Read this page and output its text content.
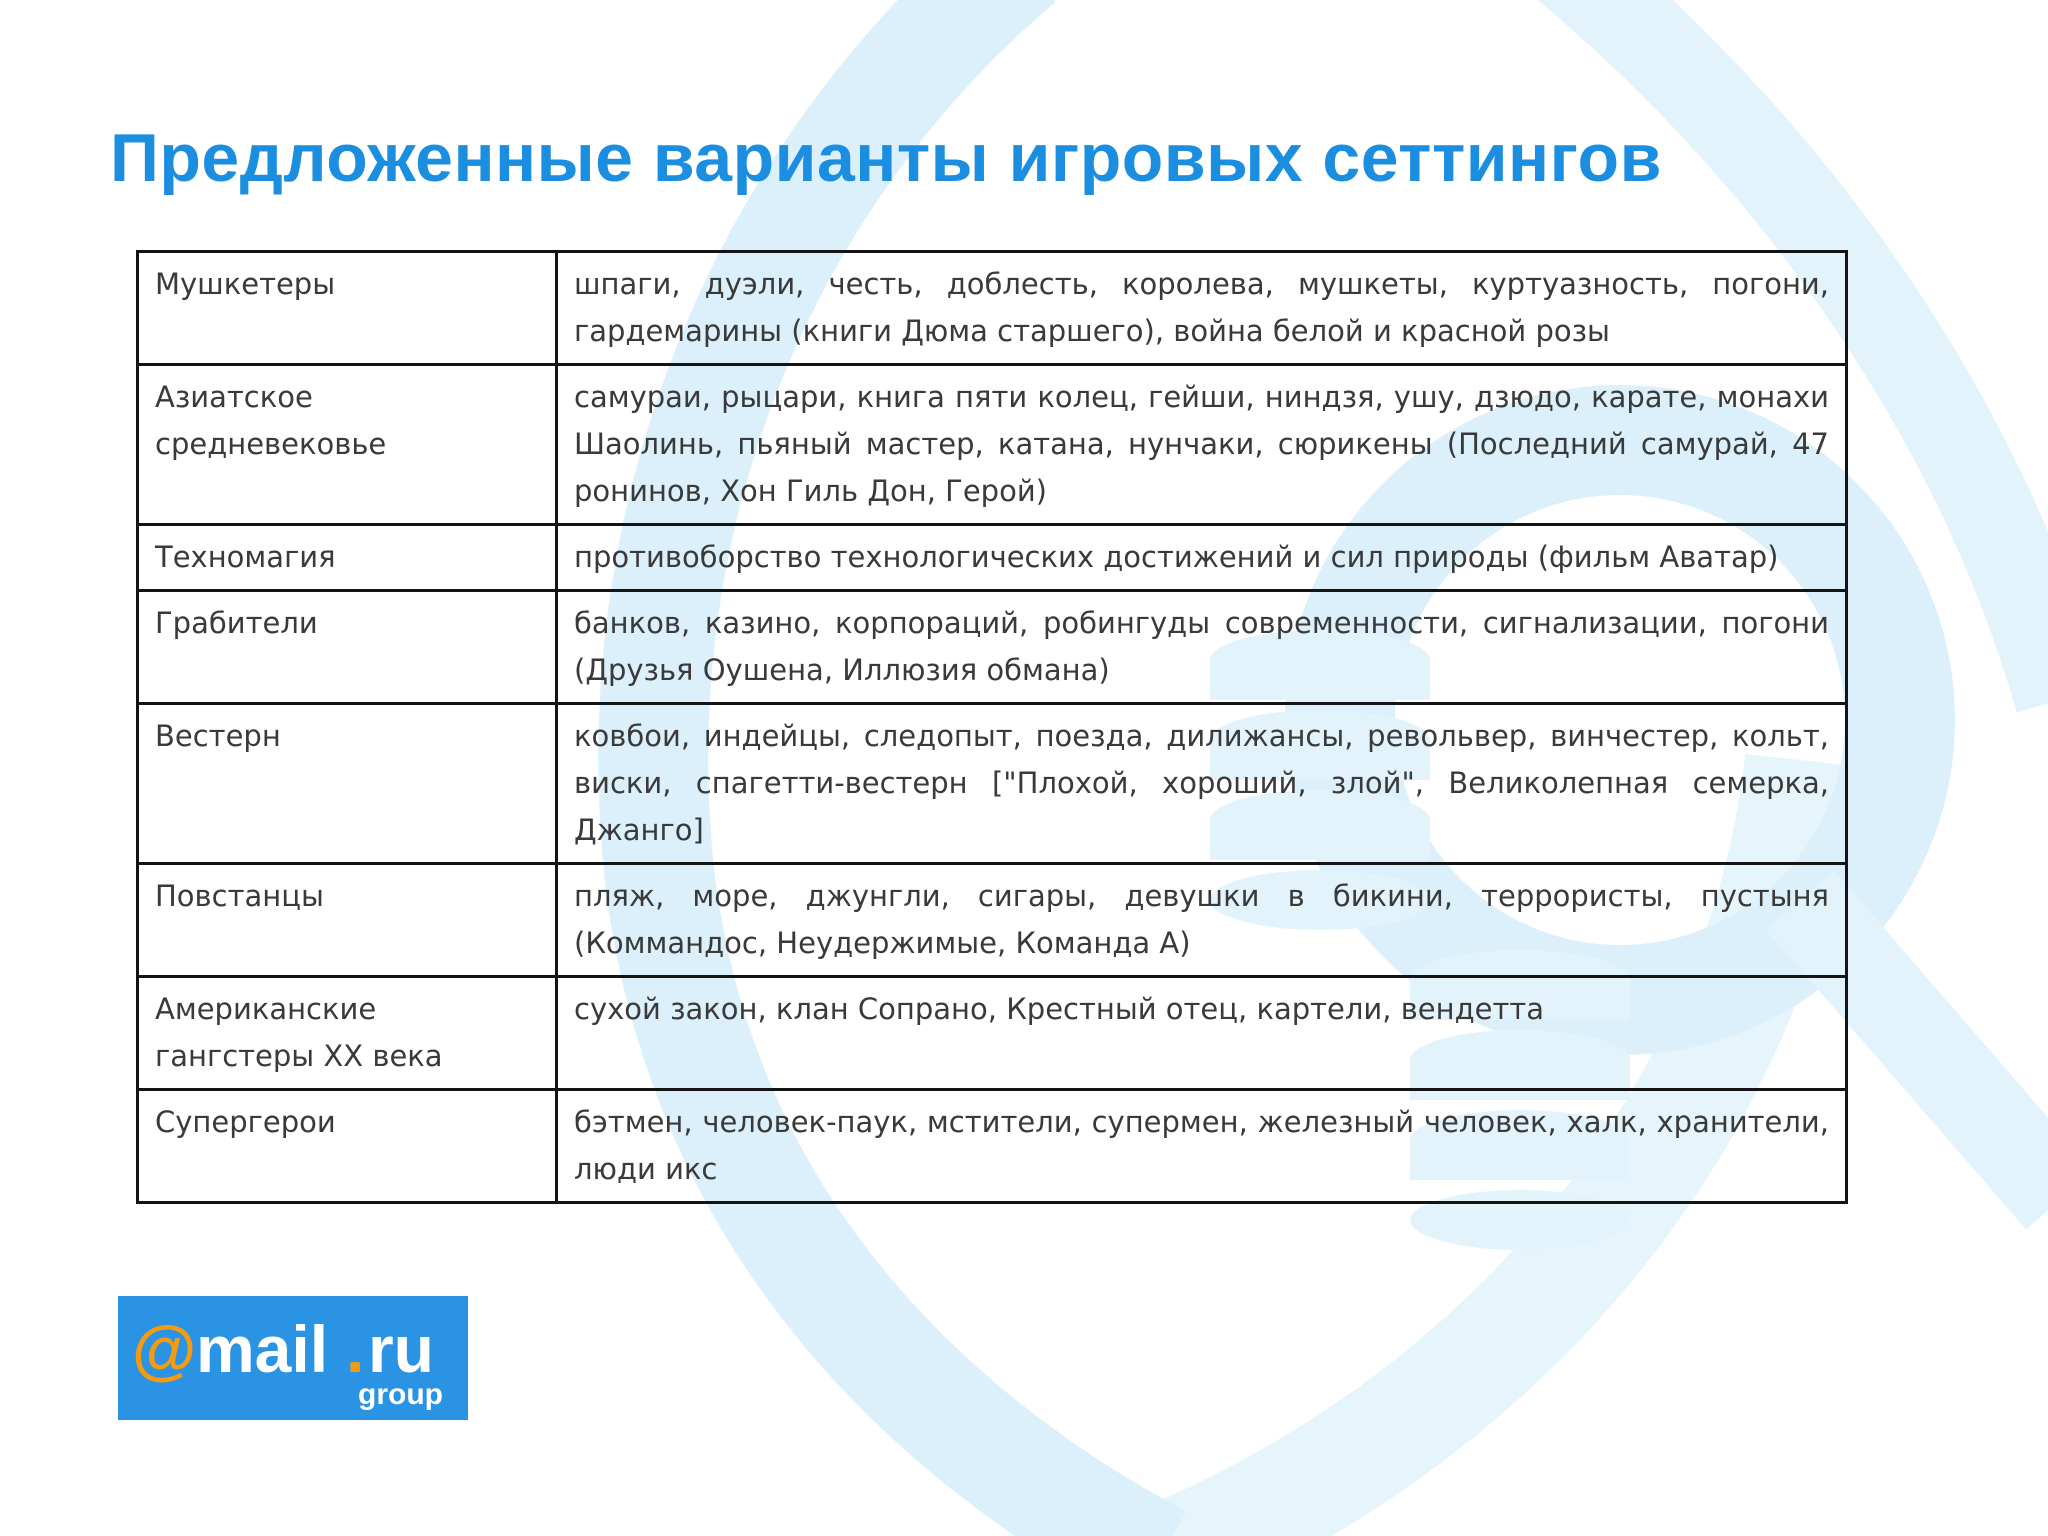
Предложенные варианты игровых сеттингов
Мушкетеры	шпаги, дуэли, честь, доблесть, королева, мушкеты, куртуазность, погони, гардемарины (книги Дюма старшего), война белой и красной розы
Азиатское средневековье	самураи, рыцари, книга пяти колец, гейши, ниндзя, ушу, дзюдо, карате, монахи Шаолинь, пьяный мастер, катана, нунчаки, сюрикены (Последний самурай, 47 ронинов, Хон Гиль Дон, Герой)
Техномагия	противоборство технологических достижений и сил природы (фильм Аватар)
Грабители	банков, казино, корпораций, робингуды современности, сигнализации, погони (Друзья Оушена, Иллюзия обмана)
Вестерн	ковбои, индейцы, следопыт, поезда, дилижансы, револьвер, винчестер, кольт, виски, спагетти-вестерн ["Плохой, хороший, злой", Великолепная семерка, Джанго]
Повстанцы	пляж, море, джунгли, сигары, девушки в бикини, террористы, пустыня (Коммандос, Неудержимые, Команда А)
Американские гангстеры XX века	сухой закон, клан Сопрано, Крестный отец, картели, вендетта
Супергерои	бэтмен, человек-паук, мстители, супермен, железный человек, халк, хранители, люди икс
@ mail . ru
group
